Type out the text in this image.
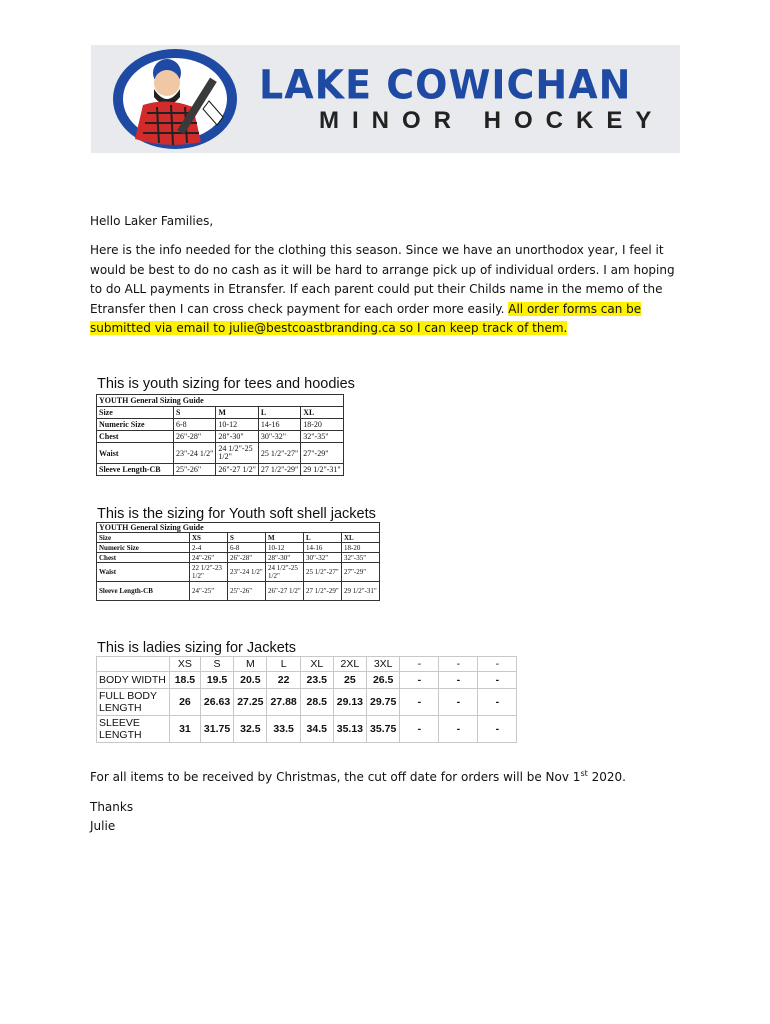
LAKE COWICHAN
MINOR HOCKEY
Hello Laker Families,
Here is the info needed for the clothing this season. Since we have an unorthodox year, I feel it would be best to do no cash as it will be hard to arrange pick up of individual orders. I am hoping to do ALL payments in Etransfer. If each parent could put their Childs name in the memo of the Etransfer then I can cross check payment for each order more easily. All order forms can be submitted via email to julie@bestcoastbranding.ca so I can keep track of them.
This is youth sizing for tees and hoodies
YOUTH General Sizing Guide				
Size	S	M	L	XL
Numeric Size	6-8	10-12	14-16	18-20
Chest	26"-28"	28"-30"	30"-32"	32"-35"
Waist	23"-24 1/2"	24 1/2"-25 1/2"	25 1/2"-27"	27"-29"
Sleeve Length-CB	25"-26"	26"-27 1/2"	27 1/2"-29"	29 1/2"-31"
This is the sizing for Youth soft shell jackets
YOUTH General Sizing Guide					
Size	XS	S	M	L	XL
Numeric Size	2-4	6-8	10-12	14-16	18-20
Chest	24"-26"	26"-28"	28"-30"	30"-32"	32"-35"
Waist	22 1/2"-23 1/2"	23"-24 1/2"	24 1/2"-25 1/2"	25 1/2"-27"	27"-29"
Sleeve Length-CB	24"-25"	25"-26"	26"-27 1/2"	27 1/2"-29"	29 1/2"-31"
This is ladies sizing for Jackets
	XS	S	M	L	XL	2XL	3XL	-	-	-
BODY WIDTH	18.5	19.5	20.5	22	23.5	25	26.5	-	-	-
FULL BODY LENGTH	26	26.63	27.25	27.88	28.5	29.13	29.75	-	-	-
SLEEVE LENGTH	31	31.75	32.5	33.5	34.5	35.13	35.75	-	-	-
For all items to be received by Christmas, the cut off date for orders will be Nov 1st 2020.
Thanks
Julie
